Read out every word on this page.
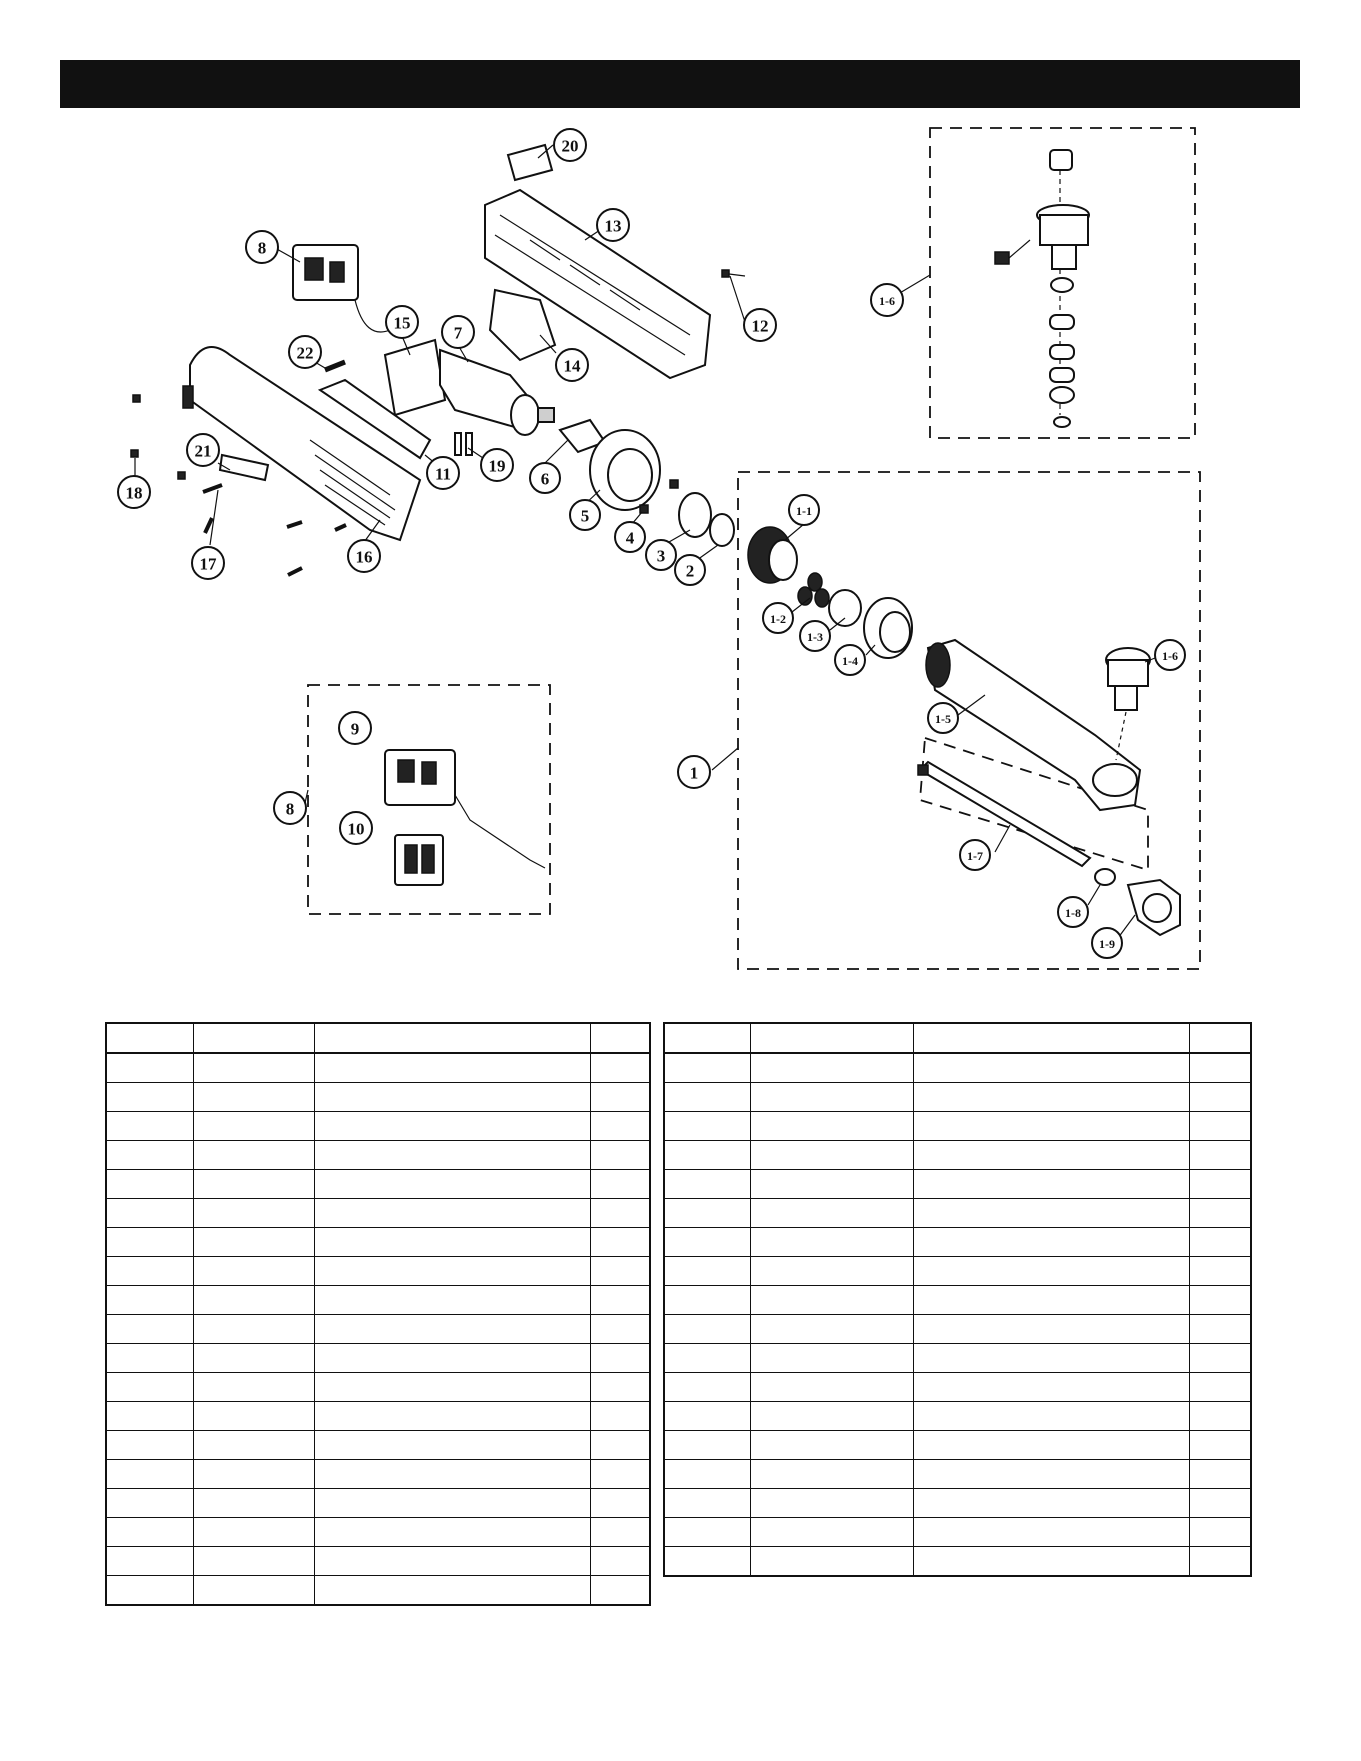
20
13
12
14
8
15
7
22
11 19
6
5
4
3
2
21
18
17	16
1-6
1
8
9
10
1-1
1-2
1-3
1-4
1-5
1-6
1-7
1-8
1-9
